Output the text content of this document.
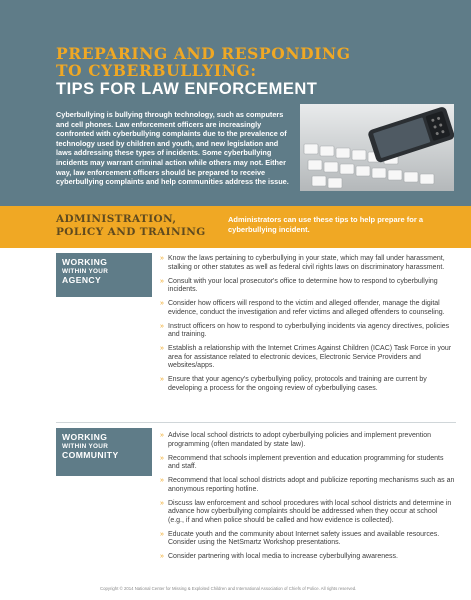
PREPARING AND RESPONDING
TO CYBERBULLYING:
TIPS FOR LAW ENFORCEMENT

Cyberbullying is bullying through technology, such as computers and cell phones. Law enforcement officers are increasingly confronted with cyberbullying complaints due to the prevalence of technology used by children and youth, and new legislation and laws addressing these types of incidents. Some cyberbullying incidents may warrant criminal action while others may not. Either way, law enforcement officers should be prepared to receive cyberbullying complaints and help communities address the issue.

ADMINISTRATION,
POLICY AND TRAINING

Administrators can use these tips to help prepare for a cyberbullying incident.

WORKING
WITHIN YOUR
AGENCY
» Know the laws pertaining to cyberbullying in your state, which may fall under harassment, stalking or other statutes as well as federal civil rights laws on discriminatory harassment.
» Consult with your local prosecutor's office to determine how to respond to cyberbullying incidents.
» Consider how officers will respond to the victim and alleged offender, manage the digital evidence, conduct the investigation and refer victims and alleged offenders to counseling.
» Instruct officers on how to respond to cyberbullying incidents via agency directives, policies and training.
» Establish a relationship with the Internet Crimes Against Children (ICAC) Task Force in your area for assistance related to electronic devices, Electronic Service Providers and websites/apps.
» Ensure that your agency's cyberbullying policy, protocols and training are current by developing a process for the ongoing review of cyberbullying cases.
WORKING
WITHIN YOUR
COMMUNITY
» Advise local school districts to adopt cyberbullying policies and implement prevention programming (often mandated by state law).
» Recommend that schools implement prevention and education programming for students and staff.
» Recommend that local school districts adopt and publicize reporting mechanisms such as an anonymous reporting hotline.
» Discuss law enforcement and school procedures with local school districts and determine in advance how cyberbullying complaints should be addressed when they occur at school (e.g., if and when police should be called and how evidence is collected).
» Educate youth and the community about Internet safety issues and available resources. Consider using the NetSmartz Workshop presentations.
» Consider partnering with local media to increase cyberbullying awareness.
Copyright © 2014 National Center for Missing & Exploited Children and International Association of Chiefs of Police. All rights reserved.
